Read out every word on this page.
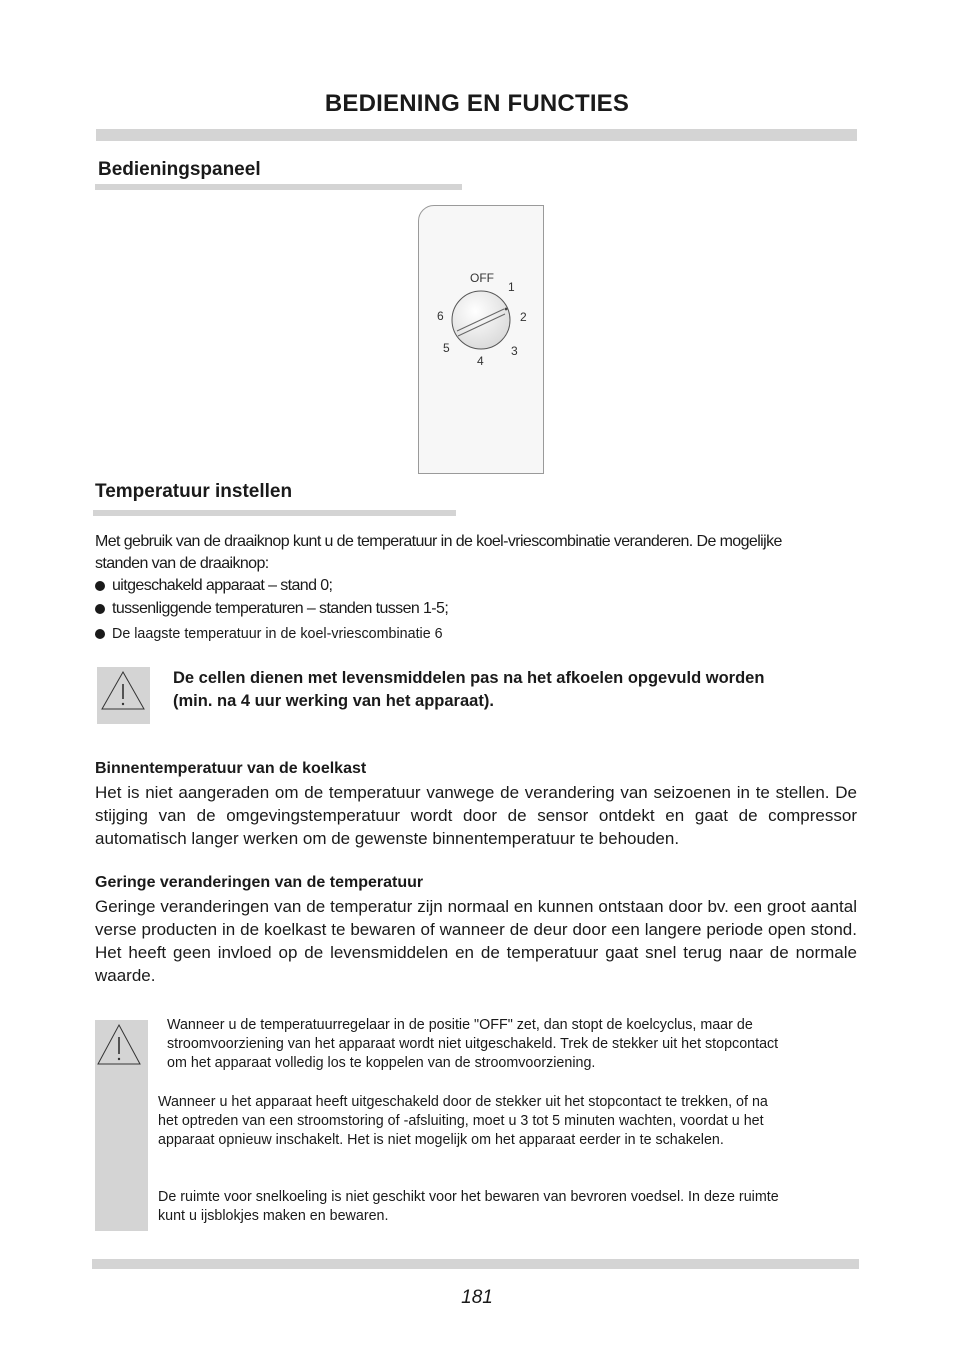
BEDIENING EN FUNCTIES
Bedieningspaneel
OFF
1
2
3
4
5
6
Temperatuur instellen
Met gebruik van de draaiknop kunt u de temperatuur in de koel-vriescombinatie veranderen. De mogelijke
standen van de draaiknop:
uitgeschakeld apparaat – stand 0;
tussenliggende temperaturen – standen tussen 1-5;
De laagste temperatuur in de koel-vriescombinatie 6
De cellen dienen met levensmiddelen pas na het afkoelen opgevuld worden
(min. na 4 uur werking van het apparaat).
Binnentemperatuur van de koelkast
Het is niet aangeraden om de temperatuur vanwege de verandering van seizoenen in te stellen. De stijging van de omgevingstemperatuur wordt door de sensor ontdekt en gaat de compressor automatisch langer werken om de gewenste binnentemperatuur te behouden.
Geringe veranderingen van de temperatuur
Geringe veranderingen van de temperatur zijn normaal en kunnen ontstaan door bv. een groot aantal verse producten in de koelkast te bewaren of wanneer de deur door een langere periode open stond. Het heeft geen invloed op de levensmiddelen en de temperatuur gaat snel terug naar de normale waarde.
Wanneer u de temperatuurregelaar in de positie "OFF" zet, dan stopt de koelcyclus, maar de
stroomvoorziening van het apparaat wordt niet uitgeschakeld. Trek de stekker uit het stopcontact
om het apparaat volledig los te koppelen van de stroomvoorziening.
Wanneer u het apparaat heeft uitgeschakeld door de stekker uit het stopcontact te trekken, of na
het optreden van een stroomstoring of -afsluiting, moet u 3 tot 5 minuten wachten, voordat u het
apparaat opnieuw inschakelt. Het is niet mogelijk om het apparaat eerder in te schakelen.
De ruimte voor snelkoeling is niet geschikt voor het bewaren van bevroren voedsel. In deze ruimte
kunt u ijsblokjes maken en bewaren.
181
